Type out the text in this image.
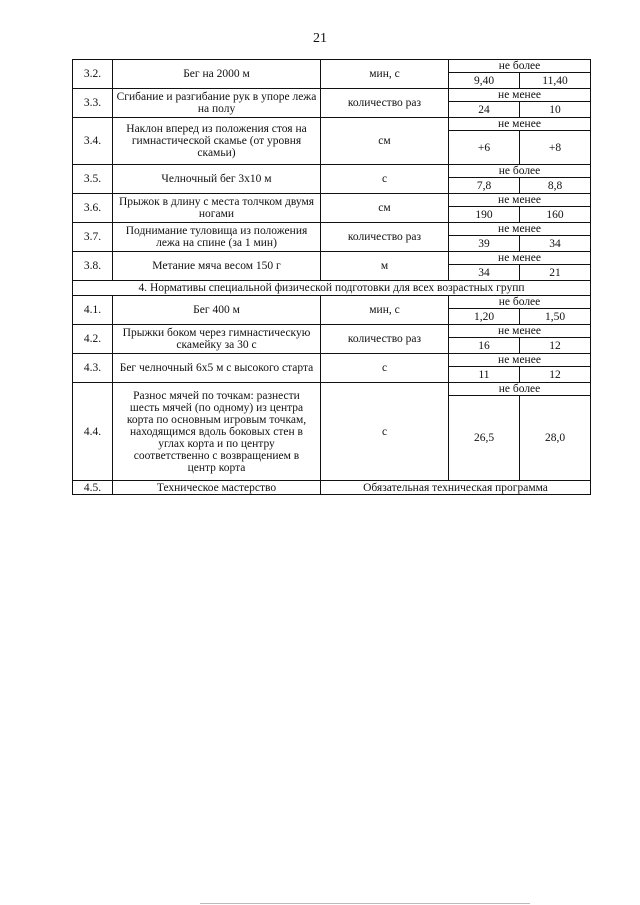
21
3.2.	Бег на 2000 м	мин, с	не более	
			9,40	11,40
3.3.	Сгибание и разгибание рук в упоре лежа на полу	количество раз	не менее	
			24	10
3.4.	Наклон вперед из положения стоя на гимнастической скамье (от уровня скамьи)	см	не менее	
			+6	+8
3.5.	Челночный бег 3х10 м	с	не более	
			7,8	8,8
3.6.	Прыжок в длину с места толчком двумя ногами	см	не менее	
			190	160
3.7.	Поднимание туловища из положения лежа на спине (за 1 мин)	количество раз	не менее	
			39	34
3.8.	Метание мяча весом 150 г	м	не менее	
			34	21
4. Нормативы специальной физической подготовки для всех возрастных групп				
4.1.	Бег 400 м	мин, с	не более	
			1,20	1,50
4.2.	Прыжки боком через гимнастическую скамейку за 30 с	количество раз	не менее	
			16	12
4.3.	Бег челночный 6х5 м с высокого старта	с	не менее	
			11	12
4.4.	Разнос мячей по точкам: разнести шесть мячей (по одному) из центра корта по основным игровым точкам, находящимся вдоль боковых стен в углах корта и по центру соответственно с возвращением в центр корта	с	не более	
			26,5	28,0
4.5.	Техническое мастерство	Обязательная техническая программа		
